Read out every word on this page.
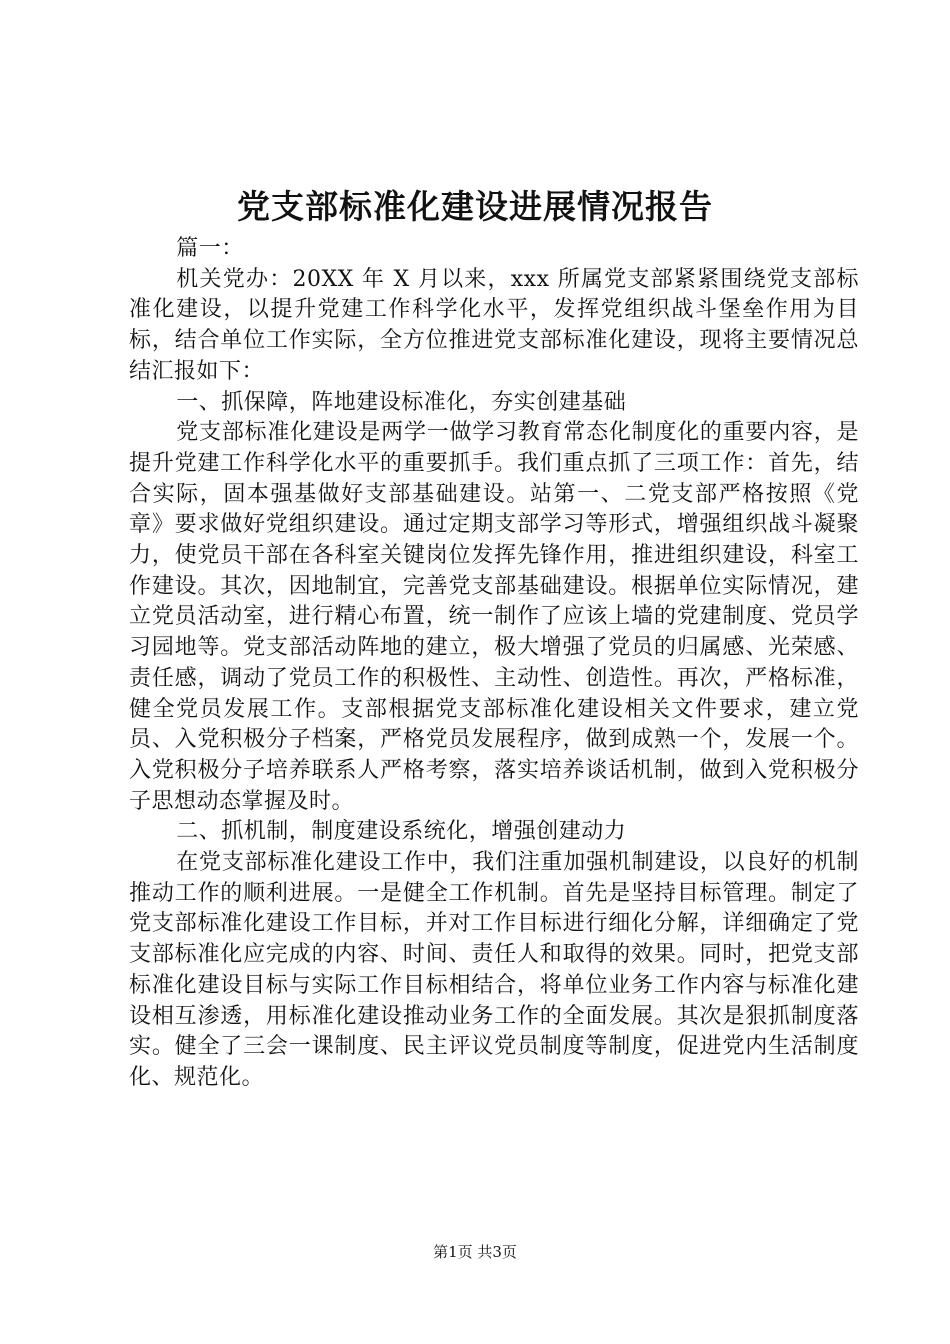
党支部标准化建设进展情况报告

篇一：

机关党办：20XX 年 X 月以来，xxx 所属党支部紧紧围绕党支部标准化建设，以提升党建工作科学化水平，发挥党组织战斗堡垒作用为目标，结合单位工作实际，全方位推进党支部标准化建设，现将主要情况总结汇报如下：

一、抓保障，阵地建设标准化，夯实创建基础

党支部标准化建设是两学一做学习教育常态化制度化的重要内容，是提升党建工作科学化水平的重要抓手。我们重点抓了三项工作：首先，结合实际，固本强基做好支部基础建设。站第一、二党支部严格按照《党章》要求做好党组织建设。通过定期支部学习等形式，增强组织战斗凝聚力，使党员干部在各科室关键岗位发挥先锋作用，推进组织建设，科室工作建设。其次，因地制宜，完善党支部基础建设。根据单位实际情况，建立党员活动室，进行精心布置，统一制作了应该上墙的党建制度、党员学习园地等。党支部活动阵地的建立，极大增强了党员的归属感、光荣感、责任感，调动了党员工作的积极性、主动性、创造性。再次，严格标准，健全党员发展工作。支部根据党支部标准化建设相关文件要求，建立党员、入党积极分子档案，严格党员发展程序，做到成熟一个，发展一个。入党积极分子培养联系人严格考察，落实培养谈话机制，做到入党积极分子思想动态掌握及时。

二、抓机制，制度建设系统化，增强创建动力

在党支部标准化建设工作中，我们注重加强机制建设，以良好的机制推动工作的顺利进展。一是健全工作机制。首先是坚持目标管理。制定了党支部标准化建设工作目标，并对工作目标进行细化分解，详细确定了党支部标准化应完成的内容、时间、责任人和取得的效果。同时，把党支部标准化建设目标与实际工作目标相结合，将单位业务工作内容与标准化建设相互渗透，用标准化建设推动业务工作的全面发展。其次是狠抓制度落实。健全了三会一课制度、民主评议党员制度等制度，促进党内生活制度化、规范化。

第1页 共3页
